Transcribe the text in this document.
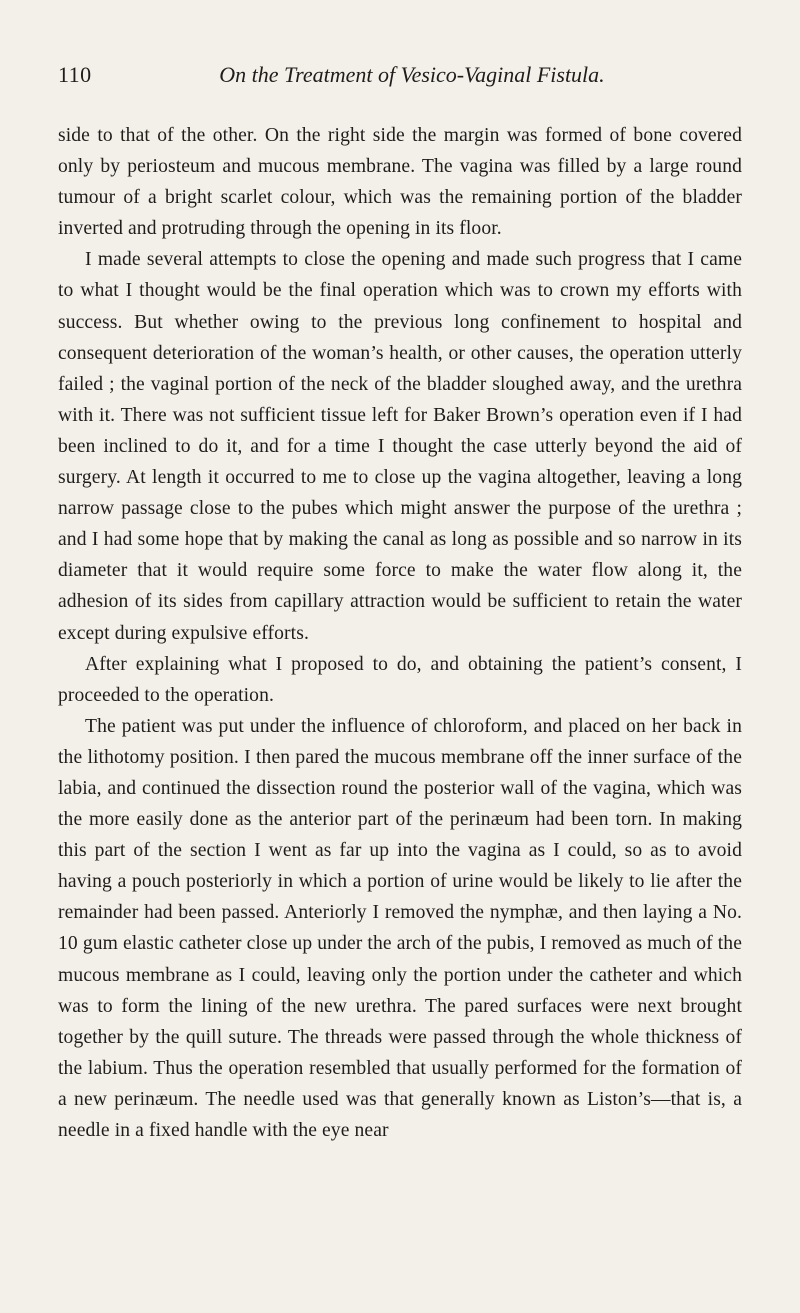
110	On the Treatment of Vesico-Vaginal Fistula.

side to that of the other. On the right side the margin was formed of bone covered only by periosteum and mucous membrane. The vagina was filled by a large round tumour of a bright scarlet colour, which was the remaining portion of the bladder inverted and protruding through the opening in its floor.

I made several attempts to close the opening and made such progress that I came to what I thought would be the final operation which was to crown my efforts with success. But whether owing to the previous long confinement to hospital and consequent deterioration of the woman’s health, or other causes, the operation utterly failed ; the vaginal portion of the neck of the bladder sloughed away, and the urethra with it. There was not sufficient tissue left for Baker Brown’s operation even if I had been inclined to do it, and for a time I thought the case utterly beyond the aid of surgery. At length it occurred to me to close up the vagina altogether, leaving a long narrow passage close to the pubes which might answer the purpose of the urethra ; and I had some hope that by making the canal as long as possible and so narrow in its diameter that it would require some force to make the water flow along it, the adhesion of its sides from capillary attraction would be sufficient to retain the water except during expulsive efforts.

After explaining what I proposed to do, and obtaining the patient’s consent, I proceeded to the operation.

The patient was put under the influence of chloroform, and placed on her back in the lithotomy position. I then pared the mucous membrane off the inner surface of the labia, and continued the dissection round the posterior wall of the vagina, which was the more easily done as the anterior part of the perinæum had been torn. In making this part of the section I went as far up into the vagina as I could, so as to avoid having a pouch posteriorly in which a portion of urine would be likely to lie after the remainder had been passed. Anteriorly I removed the nymphæ, and then laying a No. 10 gum elastic catheter close up under the arch of the pubis, I removed as much of the mucous membrane as I could, leaving only the portion under the catheter and which was to form the lining of the new urethra. The pared surfaces were next brought together by the quill suture. The threads were passed through the whole thickness of the labium. Thus the operation resembled that usually performed for the formation of a new perinæum. The needle used was that generally known as Liston’s—that is, a needle in a fixed handle with the eye near
